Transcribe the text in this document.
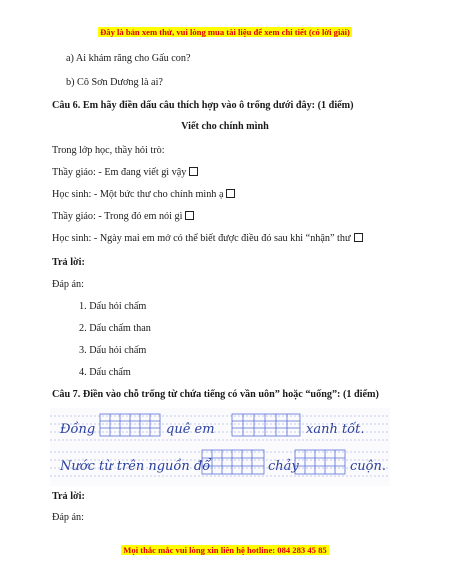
Đây là bản xem thử, vui lòng mua tài liệu để xem chi tiết (có lời giải)
a) Ai khám răng cho Gấu con?
b) Cô Sơn Dương là ai?
Câu 6. Em hãy điền dấu câu thích hợp vào ô trống dưới đây: (1 điểm)
Viết cho chính mình
Trong lớp học, thầy hỏi trò:
Thầy giáo: - Em đang viết gì vậy
Học sinh: - Một bức thư cho chính mình ạ
Thầy giáo: - Trong đó em nói gì
Học sinh: - Ngày mai em mở có thể biết được điều đó sau khi “nhận” thư
Trả lời:
Đáp án:
1. Dấu hỏi chấm
2. Dấu chấm than
3. Dấu hỏi chấm
4. Dấu chấm
Câu 7. Điền vào chỗ trống từ chứa tiếng có vần uôn” hoặc “uống”: (1 điểm)
Đồng	quê em	xanh tốt.
Nước từ trên nguồn đổ	chảy	cuộn.
Trả lời:
Đáp án:
Mọi thắc mắc vui lòng xin liên hệ hotline: 084 283 45 85
